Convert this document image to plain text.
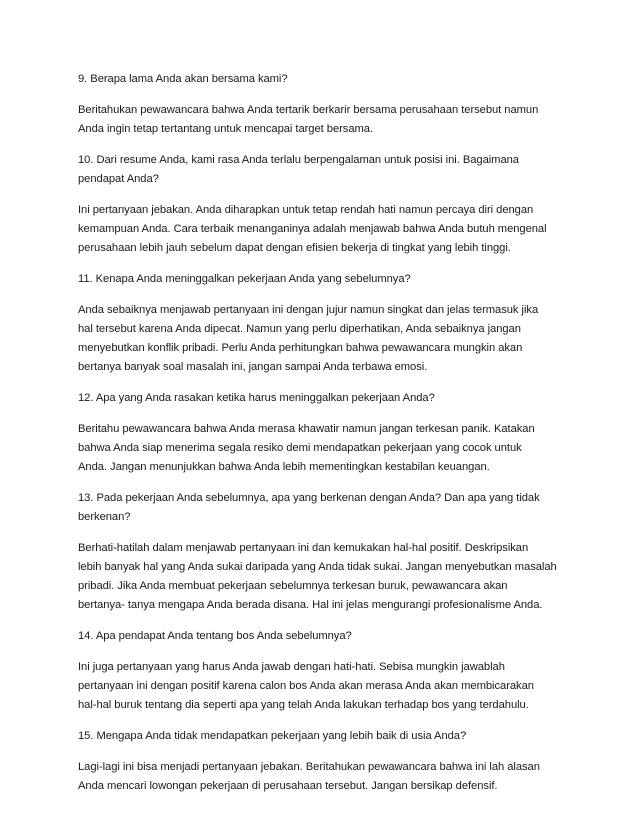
9. Berapa lama Anda akan bersama kami?
Beritahukan pewawancara bahwa Anda tertarik berkarir bersama perusahaan tersebut namun
Anda ingin tetap tertantang untuk mencapai target bersama.
10. Dari resume Anda, kami rasa Anda terlalu berpengalaman untuk posisi ini. Bagaimana
pendapat Anda?
Ini pertanyaan jebakan. Anda diharapkan untuk tetap rendah hati namun percaya diri dengan
kemampuan Anda. Cara terbaik menanganinya adalah menjawab bahwa Anda butuh mengenal
perusahaan lebih jauh sebelum dapat dengan efisien bekerja di tingkat yang lebih tinggi.
11. Kenapa Anda meninggalkan pekerjaan Anda yang sebelumnya?
Anda sebaiknya menjawab pertanyaan ini dengan jujur namun singkat dan jelas termasuk jika
hal tersebut karena Anda dipecat. Namun yang perlu diperhatikan, Anda sebaiknya jangan
menyebutkan konflik pribadi. Perlu Anda perhitungkan bahwa pewawancara mungkin akan
bertanya banyak soal masalah ini, jangan sampai Anda terbawa emosi.
12. Apa yang Anda rasakan ketika harus meninggalkan pekerjaan Anda?
Beritahu pewawancara bahwa Anda merasa khawatir namun jangan terkesan panik. Katakan
bahwa Anda siap menerima segala resiko demi mendapatkan pekerjaan yang cocok untuk
Anda. Jangan menunjukkan bahwa Anda lebih mementingkan kestabilan keuangan.
13. Pada pekerjaan Anda sebelumnya, apa yang berkenan dengan Anda? Dan apa yang tidak
berkenan?
Berhati-hatilah dalam menjawab pertanyaan ini dan kemukakan hal-hal positif. Deskripsikan
lebih banyak hal yang Anda sukai daripada yang Anda tidak sukai. Jangan menyebutkan masalah
pribadi. Jika Anda membuat pekerjaan sebelumnya terkesan buruk, pewawancara akan
bertanya- tanya mengapa Anda berada disana. Hal ini jelas mengurangi profesionalisme Anda.
14. Apa pendapat Anda tentang bos Anda sebelumnya?
Ini juga pertanyaan yang harus Anda jawab dengan hati-hati. Sebisa mungkin jawablah
pertanyaan ini dengan positif karena calon bos Anda akan merasa Anda akan membicarakan
hal-hal buruk tentang dia seperti apa yang telah Anda lakukan terhadap bos yang terdahulu.
15. Mengapa Anda tidak mendapatkan pekerjaan yang lebih baik di usia Anda?
Lagi-lagi ini bisa menjadi pertanyaan jebakan. Beritahukan pewawancara bahwa ini lah alasan
Anda mencari lowongan pekerjaan di perusahaan tersebut. Jangan bersikap defensif.
